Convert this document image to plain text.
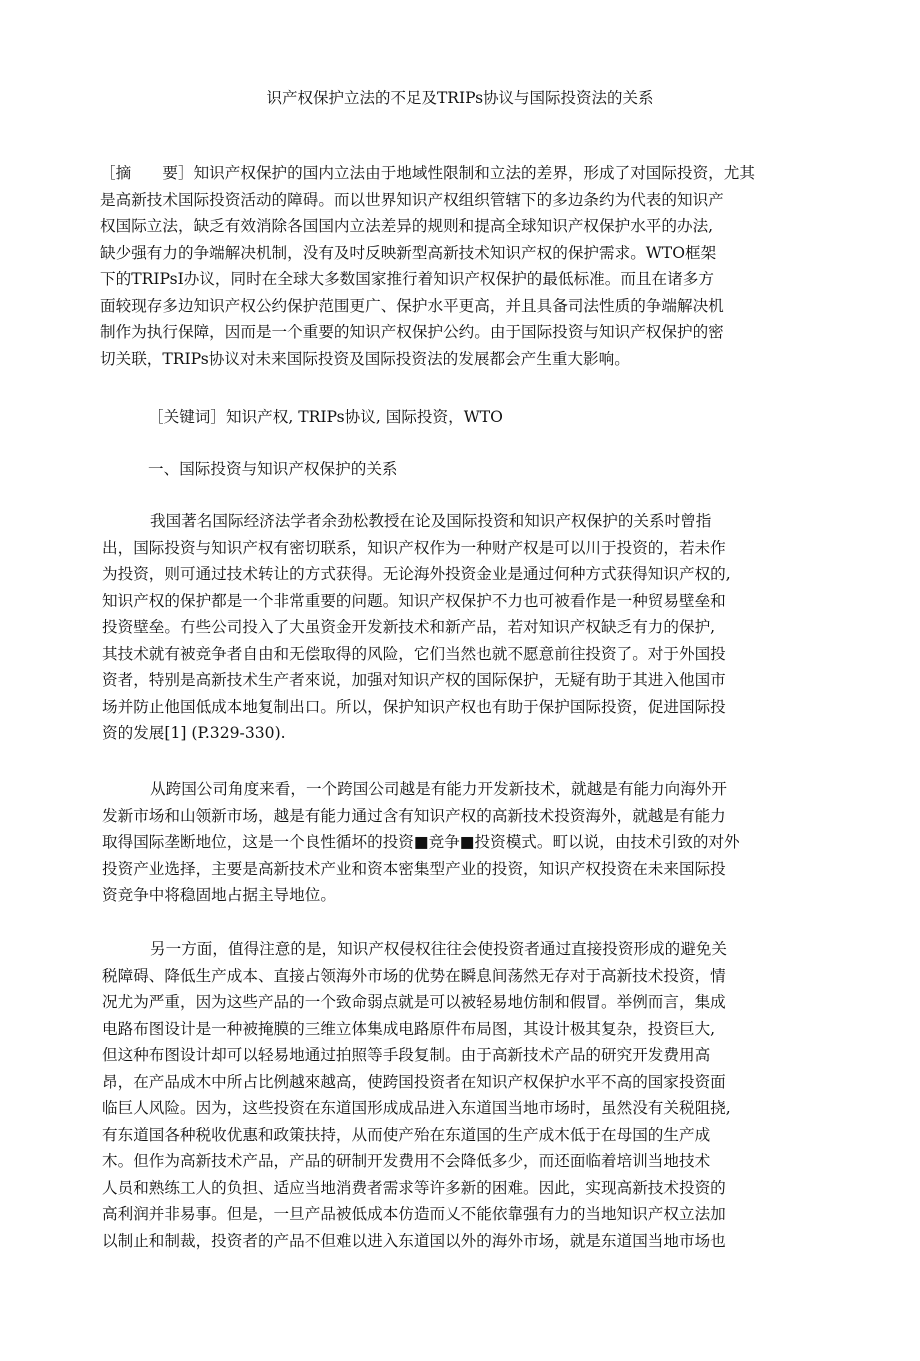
识产权保护立法的不足及TRIPs协议与国际投资法的关系
［摘　　要］知识产权保护的国内立法由于地域性限制和立法的差界，形成了对国际投资，尤其
是高新技术国际投资活动的障碍。而以世界知识产权组织管辖下的多边条约为代表的知识产
权国际立法，缺乏有效消除各国国内立法差异的规则和提高全球知识产权保护水平的办法,
缺少强有力的争端解决机制，没有及吋反映新型高新技术知识产权的保护需求。WTO框架
下的TRIPsI办议，同时在全球大多数国家推行着知识产权保护的最低标准。而且在诸多方
面较现存多边知识产权公约保护范围更广、保护水平更高，并且具备司法性质的争端解决机
制作为执行保障，因而是一个重要的知识产权保护公约。由于国际投资与知识产权保护的密
切关联，TRIPs协议对未来国际投资及国际投资法的发展都会产生重大影响。
［关键词］知识产权, TRIPs协议, 国际投资，WTO
一、国际投资与知识产权保护的关系
我国著名国际经济法学者余劲松教授在论及国际投资和知识产权保护的关系吋曾指
出，国际投资与知识产权有密切联系，知识产权作为一种财产权是可以川于投资的，若未作
为投资，则可通过技术转让的方式获得。无论海外投资金业是通过何种方式获得知识产权的,
知识产权的保护都是一个非常重要的问题。知识产权保护不力也可被看作是一种贸易壁垒和
投资壁垒。冇些公司投入了大虽资金开发新技术和新产品，若对知识产权缺乏有力的保护,
其技术就有被竞争者自由和无偿取得的风险，它们当然也就不愿意前往投资了。对于外国投
资者，特别是高新技术生产者來说，加强对知识产权的国际保护，无疑有助于其进入他国市
场并防止他国低成本地复制出口。所以，保护知识产权也有助于保护国际投资，促进国际投
资的发展[1] (P.329-330).
从跨国公司角度来看，一个跨国公司越是有能力开发新技术，就越是有能力向海外开
发新市场和山领新市场，越是有能力通过含有知识产权的高新技术投资海外，就越是有能力
取得国际垄断地位，这是一个良性循坏的投资■竞争■投资模式。町以说，由技术引致的对外
投资产业选择，主要是高新技术产业和资本密集型产业的投资，知识产权投资在未来国际投
资竞争中将稳固地占据主导地位。
另一方面，值得注意的是，知识产权侵权往往会使投资者通过直接投资形成的避免关
税障碍、降低生产成本、直接占领海外市场的优势在瞬息间荡然无存对于高新技术投资，情
况尤为严重，因为这些产品的一个致命弱点就是可以被轻易地仿制和假冒。举例而言，集成
电路布图设计是一种被掩膜的三维立体集成电路原件布局图，其设计极其复杂，投资巨大,
但这种布图设计却可以轻易地通过拍照等手段复制。由于高新技术产品的研究开发费用高
昂，在产品成木中所占比例越來越高，使跨国投资者在知识产权保护水平不高的国家投资面
临巨人风险。因为，这些投资在东道国形成成品进入东道国当地市场时，虽然没有关税阻挠,
有东道国各种税收优惠和政策扶持，从而使产殆在东道国的生产成木低于在母国的生产成
木。但作为高新技术产品，产品的研制开发费用不会降低多少，而还面临着培训当地技术
人员和熟练工人的负担、适应当地消费者需求等许多新的困难。因此，实现高新技术投资的
高利润并非易事。但是，一旦产品被低成本仿造而乂不能依靠强有力的当地知识产权立法加
以制止和制裁，投资者的产品不但难以进入东道国以外的海外市场，就是东道国当地市场也
